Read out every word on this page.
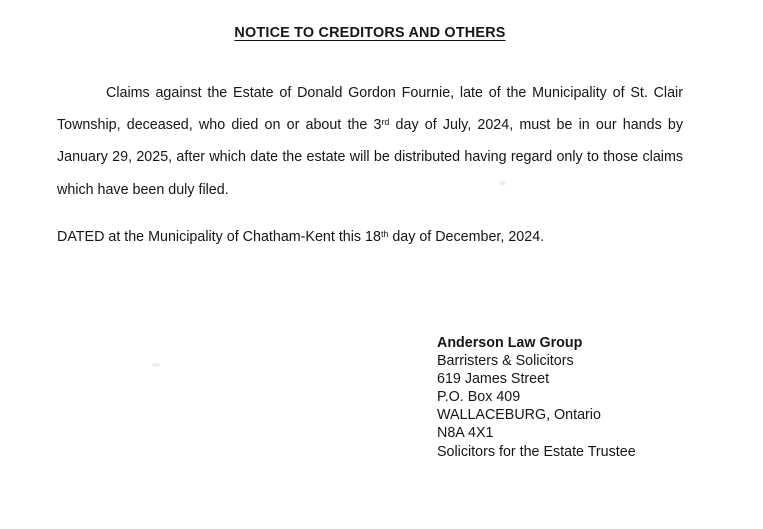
NOTICE TO CREDITORS AND OTHERS
Claims against the Estate of Donald Gordon Fournie, late of the Municipality of St. Clair
Township, deceased, who died on or about the 3rd day of July, 2024, must be in our hands by
January 29, 2025, after which date the estate will be distributed having regard only to those claims
which have been duly filed.
DATED at the Municipality of Chatham-Kent this 18th day of December, 2024.
Anderson Law Group
Barristers & Solicitors
619 James Street
P.O. Box 409
WALLACEBURG, Ontario
N8A 4X1
Solicitors for the Estate Trustee
